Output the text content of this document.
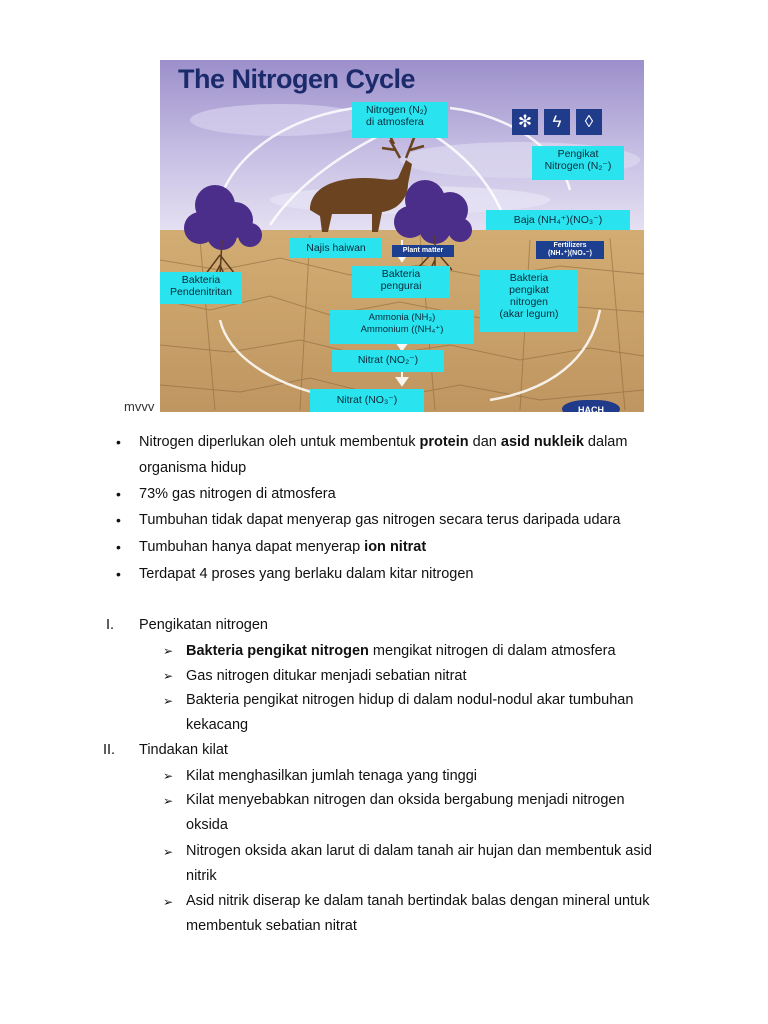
The Nitrogen Cycle
✻	ϟ	◊
Nitrogen (N₂)
di atmosfera
Pengikat
Nitrogen (N₂⁻)
Baja (NH₄⁺)(NO₃⁻)
Fertilizers
(NH₄⁺)(NO₃⁻)
Najis haiwan	Plant matter
Bakteria
pengurai
Bakteria
Pendenitritan
Bakteria
pengikat
nitrogen
(akar legum)
Ammonia (NH₃)
Ammonium ((NH₄⁺)
Nitrat (NO₂⁻)
Nitrat (NO₃⁻)
HACH
mvvv
• Nitrogen diperlukan oleh untuk membentuk protein dan asid nukleik dalam organisma hidup
• 73% gas nitrogen di atmosfera
• Tumbuhan tidak dapat menyerap gas nitrogen secara terus daripada udara
• Tumbuhan hanya dapat menyerap ion nitrat
• Terdapat 4 proses yang berlaku dalam kitar nitrogen
I. Pengikatan nitrogen
➢ Bakteria pengikat nitrogen mengikat nitrogen di dalam atmosfera
➢ Gas nitrogen ditukar menjadi sebatian nitrat
➢ Bakteria pengikat nitrogen hidup di dalam nodul-nodul akar tumbuhan kekacang
II. Tindakan kilat
➢ Kilat menghasilkan jumlah tenaga yang tinggi
➢ Kilat menyebabkan nitrogen dan oksida bergabung menjadi nitrogen oksida
➢ Nitrogen oksida akan larut di dalam tanah air hujan dan membentuk asid nitrik
➢ Asid nitrik diserap ke dalam tanah bertindak balas dengan mineral untuk membentuk sebatian nitrat
